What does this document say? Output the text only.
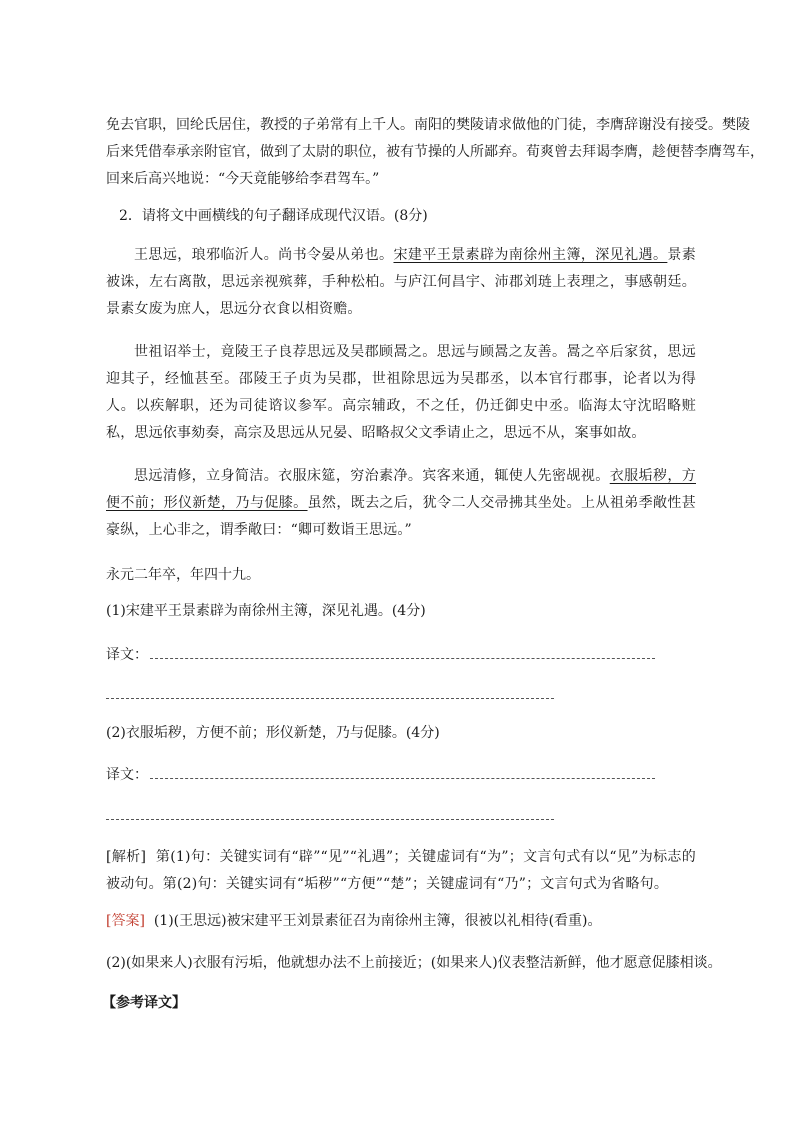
免去官职，回纶氏居住，教授的子弟常有上千人。南阳的樊陵请求做他的门徒，李膺辞谢没有接受。樊陵
后来凭借奉承亲附宦官，做到了太尉的职位，被有节操的人所鄙弃。荀爽曾去拜谒李膺，趁便替李膺驾车，
回来后高兴地说：“今天竟能够给李君驾车。”
2．请将文中画横线的句子翻译成现代汉语。(8分)

王思远，琅邪临沂人。尚书令晏从弟也。宋建平王景素辟为南徐州主簿，深见礼遇。景素被诛，左右离散，思远亲视殡葬，手种松柏。与庐江何昌宇、沛郡刘琏上表理之，事感朝廷。景素女废为庶人，思远分衣食以相资赡。

世祖诏举士，竟陵王子良荐思远及吴郡顾暠之。思远与顾暠之友善。暠之卒后家贫，思远迎其子，经恤甚至。邵陵王子贞为吴郡，世祖除思远为吴郡丞，以本官行郡事，论者以为得人。以疾解职，还为司徒谘议参军。高宗辅政，不之任，仍迁御史中丞。临海太守沈昭略赃私，思远依事劾奏，高宗及思远从兄晏、昭略叔父文季请止之，思远不从，案事如故。

思远清修，立身简洁。衣服床筵，穷治素净。宾客来通，辄使人先密觇视。衣服垢秽，方便不前；形仪新楚，乃与促膝。虽然，既去之后，犹令二人交帚拂其坐处。上从祖弟季敞性甚豪纵，上心非之，谓季敞曰：“卿可数诣王思远。”

永元二年卒，年四十九。
(1)宋建平王景素辟为南徐州主簿，深见礼遇。(4分)
译文：
(2)衣服垢秽，方便不前；形仪新楚，乃与促膝。(4分)
译文：

[解析] 第(1)句：关键实词有“辟”“见”“礼遇”；关键虚词有“为”；文言句式有以“见”为标志的被动句。第(2)句：关键实词有“垢秽”“方便”“楚”；关键虚词有“乃”；文言句式为省略句。

[答案] (1)(王思远)被宋建平王刘景素征召为南徐州主簿，很被以礼相待(看重)。
(2)(如果来人)衣服有污垢，他就想办法不上前接近；(如果来人)仪表整洁新鲜，他才愿意促膝相谈。
【参考译文】
